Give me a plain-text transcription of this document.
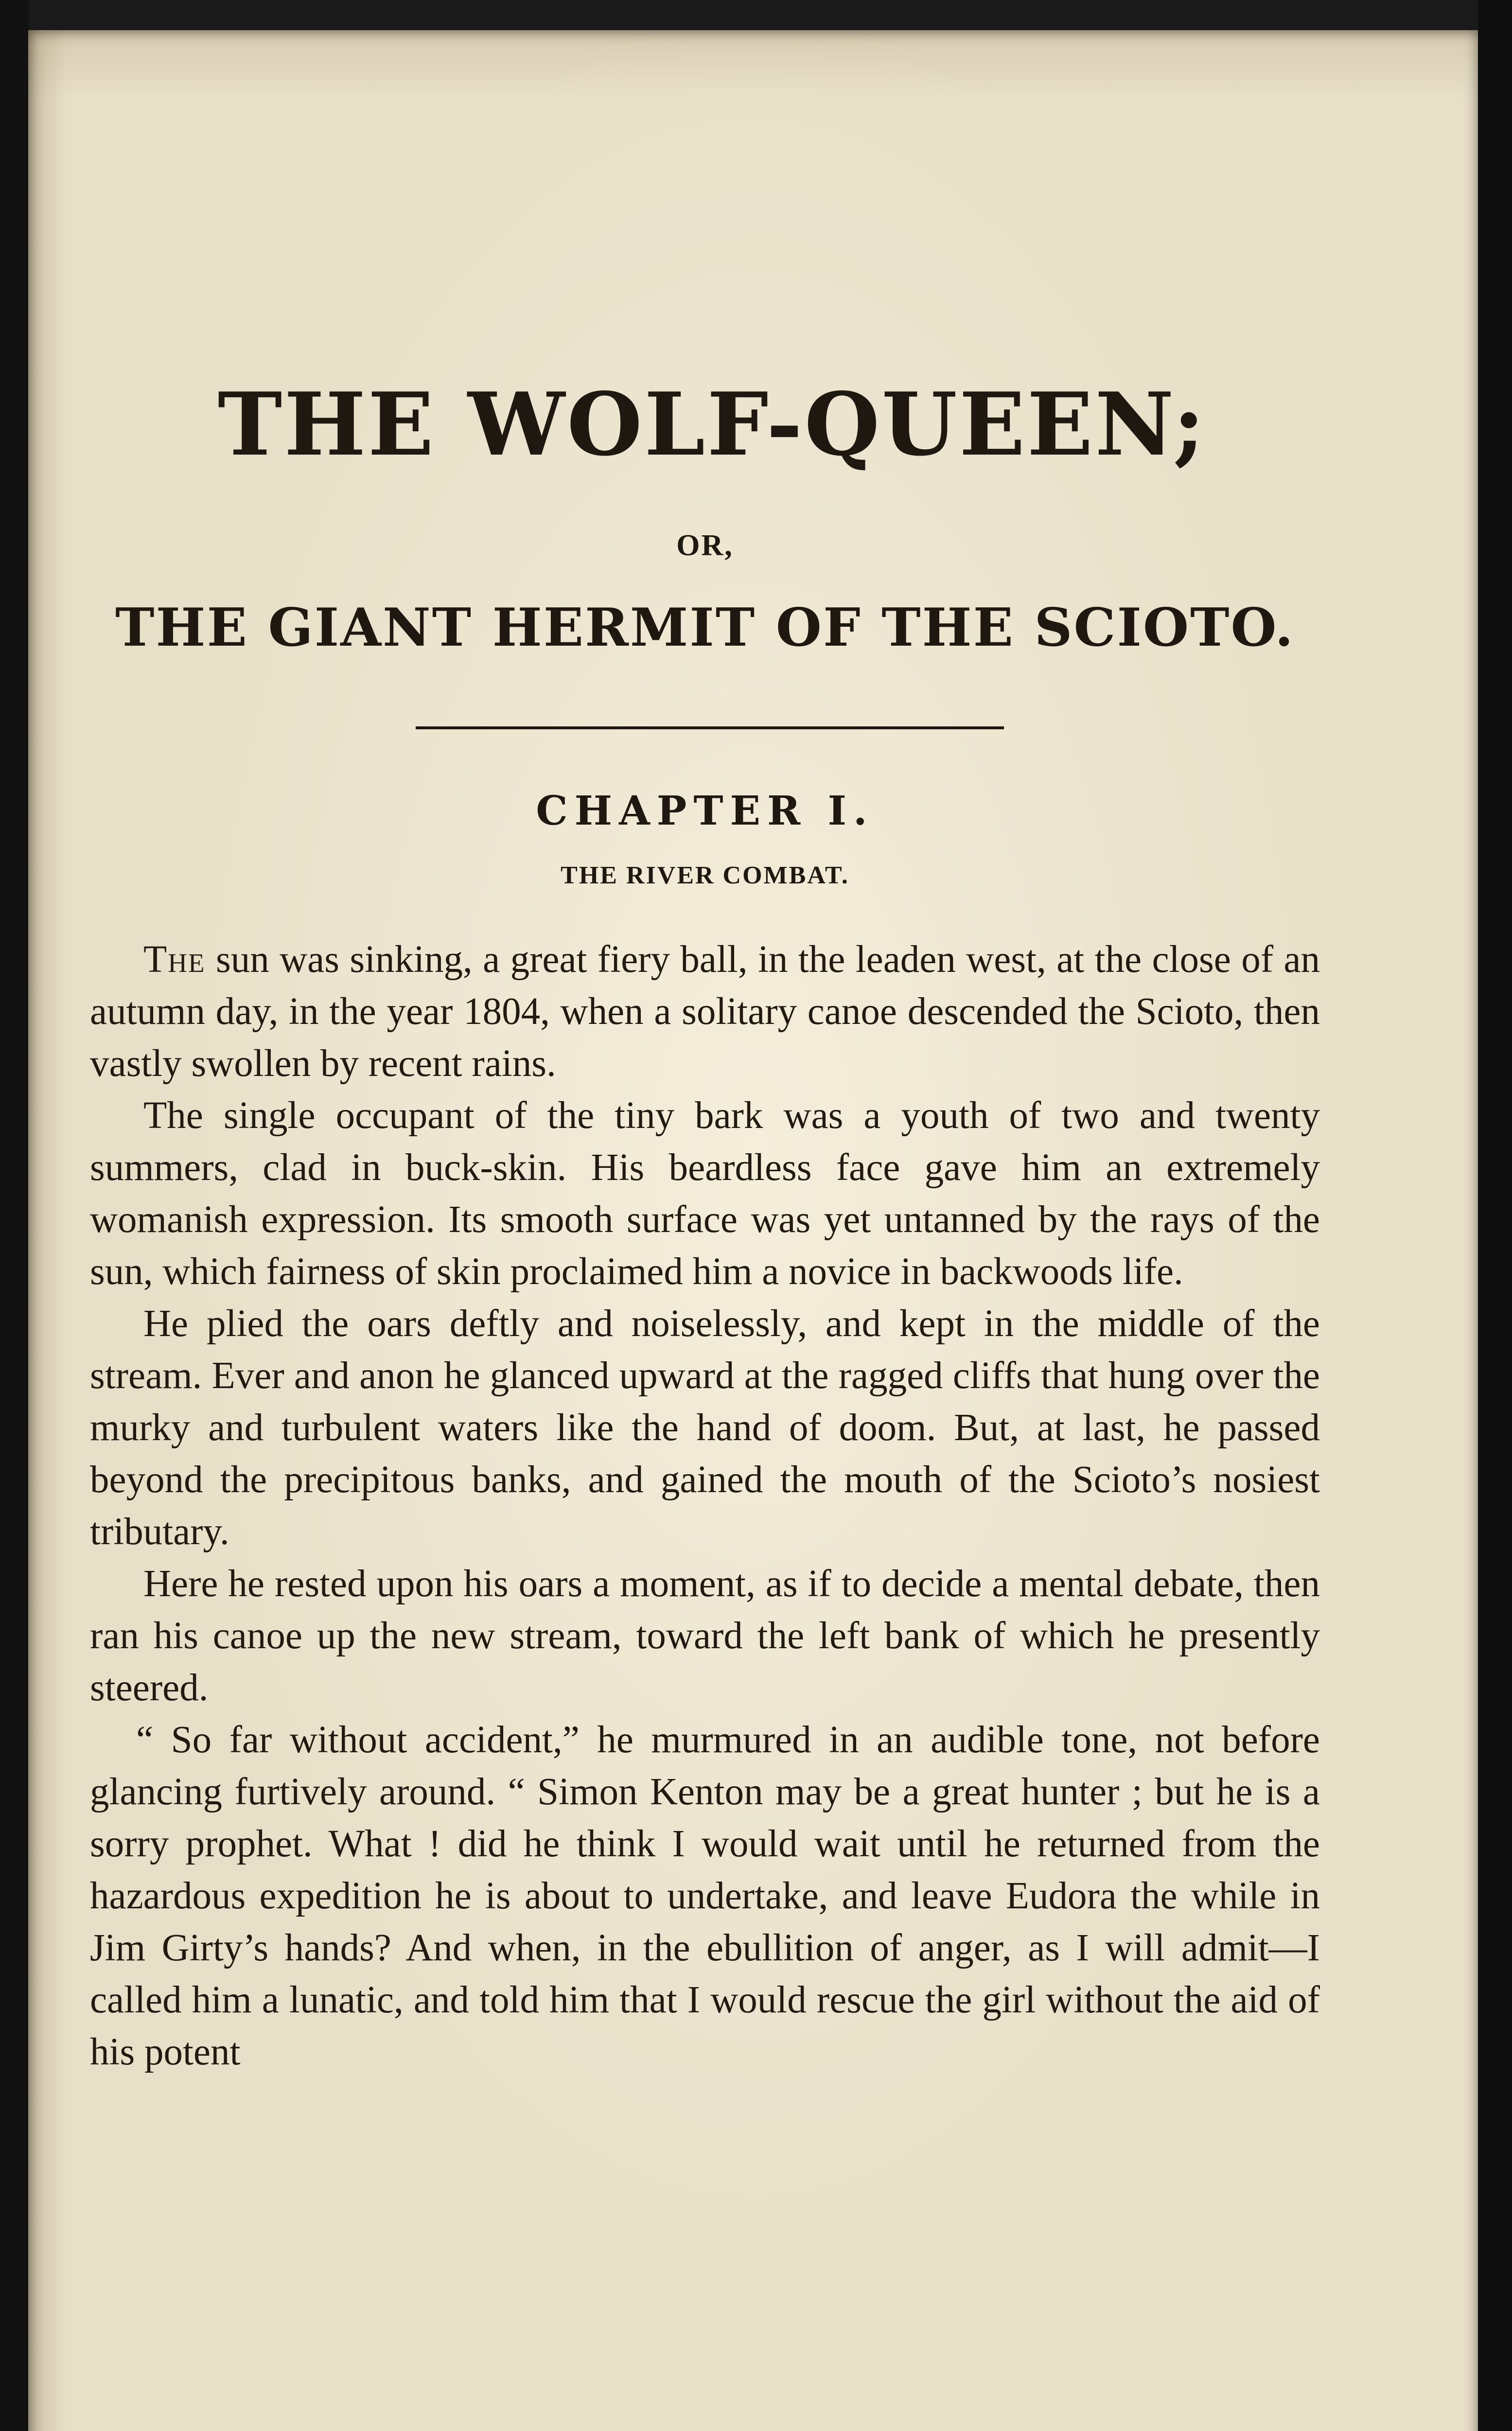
THE WOLF-QUEEN;
OR,
THE GIANT HERMIT OF THE SCIOTO.
CHAPTER I.
THE RIVER COMBAT.

The sun was sinking, a great fiery ball, in the leaden west, at the close of an autumn day, in the year 1804, when a solitary canoe descended the Scioto, then vastly swollen by recent rains.

The single occupant of the tiny bark was a youth of two and twenty summers, clad in buck-skin. His beardless face gave him an extremely womanish expression. Its smooth surface was yet untanned by the rays of the sun, which fairness of skin proclaimed him a novice in backwoods life.

He plied the oars deftly and noiselessly, and kept in the middle of the stream. Ever and anon he glanced upward at the ragged cliffs that hung over the murky and turbulent waters like the hand of doom. But, at last, he passed beyond the precipitous banks, and gained the mouth of the Scioto’s nosiest tributary.

Here he rested upon his oars a moment, as if to decide a mental debate, then ran his canoe up the new stream, toward the left bank of which he presently steered.

“ So far without accident,” he murmured in an audible tone, not before glancing furtively around. “ Simon Kenton may be a great hunter ; but he is a sorry prophet. What ! did he think I would wait until he returned from the hazardous expedition he is about to undertake, and leave Eudora the while in Jim Girty’s hands? And when, in the ebullition of anger, as I will admit—I called him a lunatic, and told him that I would rescue the girl without the aid of his potent
